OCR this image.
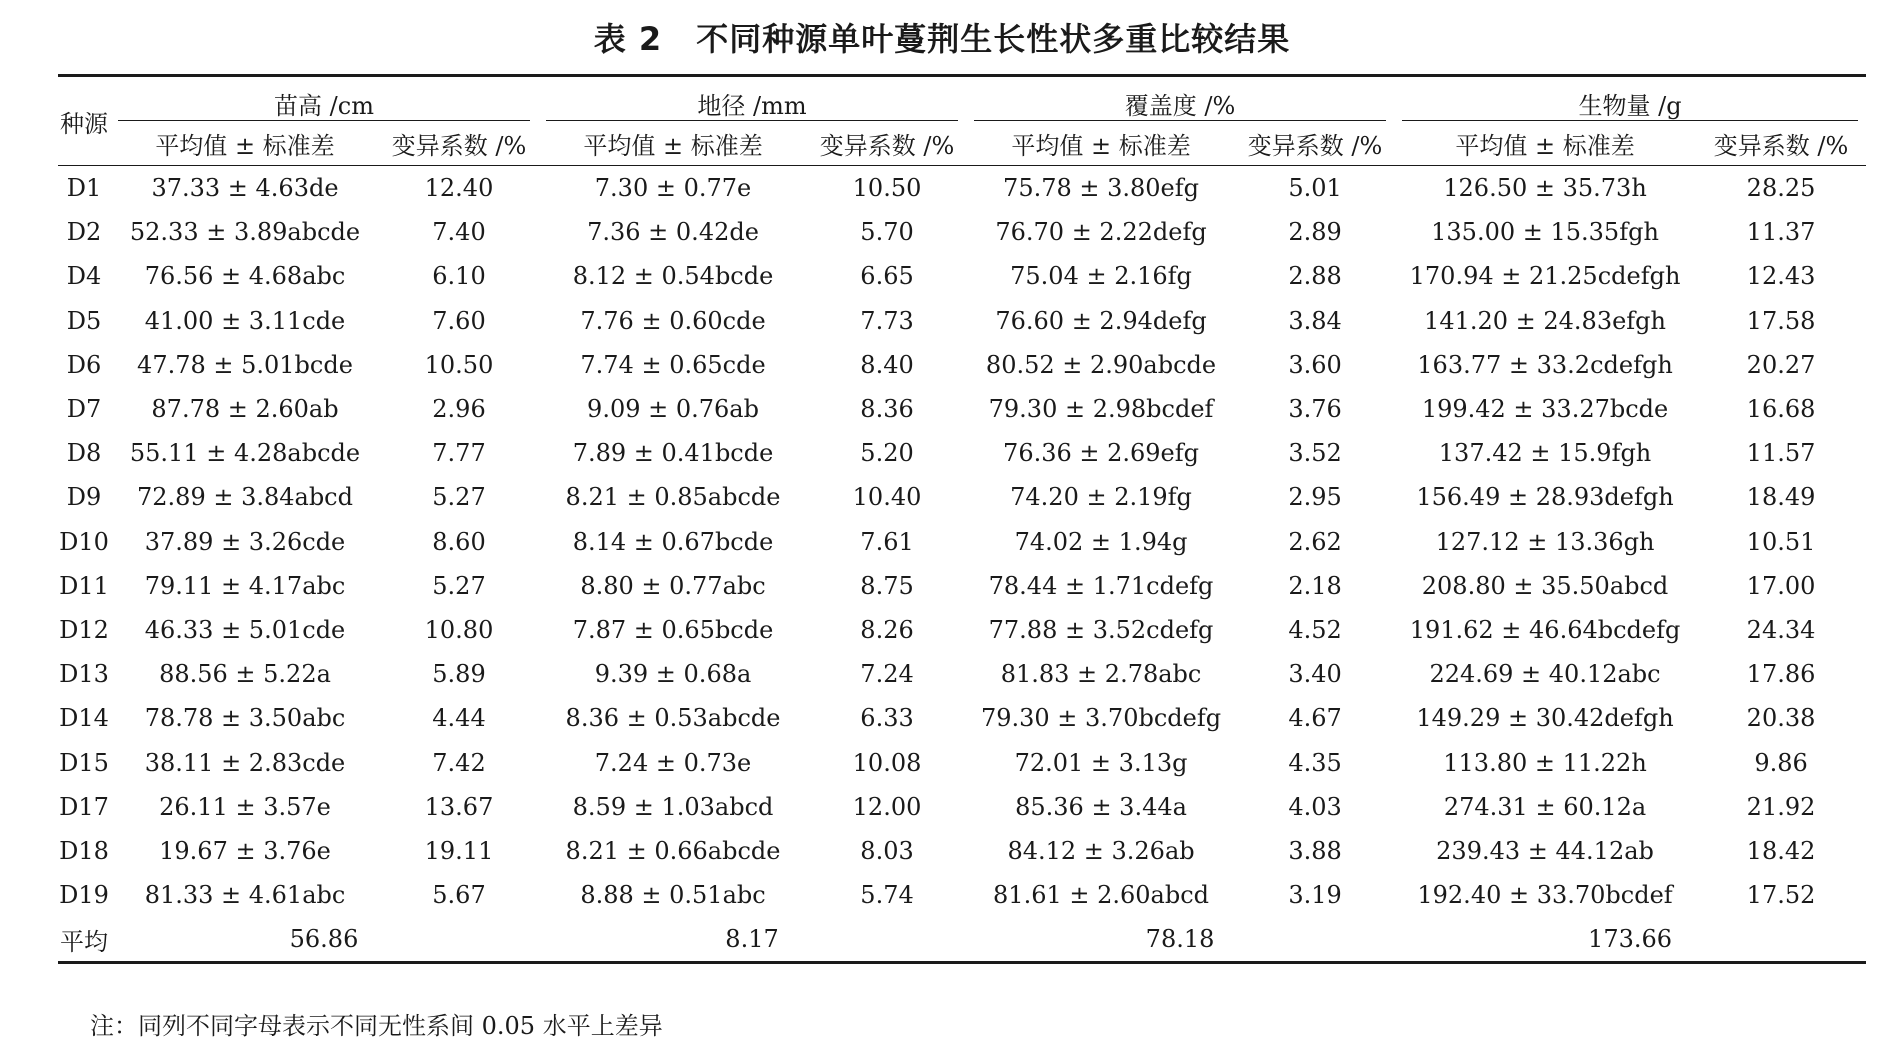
表 2 不同种源单叶蔓荆生长性状多重比较结果
种源	苗高 /cm		地径 /mm		覆盖度 /%		生物量 /g	

	平均值 ± 标准差	变异系数 /%	平均值 ± 标准差	变异系数 /%	平均值 ± 标准差	变异系数 /%	平均值 ± 标准差	变异系数 /%
D1	37.33 ± 4.63de	12.40	7.30 ± 0.77e	10.50	75.78 ± 3.80efg	5.01	126.50 ± 35.73h	28.25
D2	52.33 ± 3.89abcde	7.40	7.36 ± 0.42de	5.70	76.70 ± 2.22defg	2.89	135.00 ± 15.35fgh	11.37
D4	76.56 ± 4.68abc	6.10	8.12 ± 0.54bcde	6.65	75.04 ± 2.16fg	2.88	170.94 ± 21.25cdefgh	12.43
D5	41.00 ± 3.11cde	7.60	7.76 ± 0.60cde	7.73	76.60 ± 2.94defg	3.84	141.20 ± 24.83efgh	17.58
D6	47.78 ± 5.01bcde	10.50	7.74 ± 0.65cde	8.40	80.52 ± 2.90abcde	3.60	163.77 ± 33.2cdefgh	20.27
D7	87.78 ± 2.60ab	2.96	9.09 ± 0.76ab	8.36	79.30 ± 2.98bcdef	3.76	199.42 ± 33.27bcde	16.68
D8	55.11 ± 4.28abcde	7.77	7.89 ± 0.41bcde	5.20	76.36 ± 2.69efg	3.52	137.42 ± 15.9fgh	11.57
D9	72.89 ± 3.84abcd	5.27	8.21 ± 0.85abcde	10.40	74.20 ± 2.19fg	2.95	156.49 ± 28.93defgh	18.49
D10	37.89 ± 3.26cde	8.60	8.14 ± 0.67bcde	7.61	74.02 ± 1.94g	2.62	127.12 ± 13.36gh	10.51
D11	79.11 ± 4.17abc	5.27	8.80 ± 0.77abc	8.75	78.44 ± 1.71cdefg	2.18	208.80 ± 35.50abcd	17.00
D12	46.33 ± 5.01cde	10.80	7.87 ± 0.65bcde	8.26	77.88 ± 3.52cdefg	4.52	191.62 ± 46.64bcdefg	24.34
D13	88.56 ± 5.22a	5.89	9.39 ± 0.68a	7.24	81.83 ± 2.78abc	3.40	224.69 ± 40.12abc	17.86
D14	78.78 ± 3.50abc	4.44	8.36 ± 0.53abcde	6.33	79.30 ± 3.70bcdefg	4.67	149.29 ± 30.42defgh	20.38
D15	38.11 ± 2.83cde	7.42	7.24 ± 0.73e	10.08	72.01 ± 3.13g	4.35	113.80 ± 11.22h	9.86
D17	26.11 ± 3.57e	13.67	8.59 ± 1.03abcd	12.00	85.36 ± 3.44a	4.03	274.31 ± 60.12a	21.92
D18	19.67 ± 3.76e	19.11	8.21 ± 0.66abcde	8.03	84.12 ± 3.26ab	3.88	239.43 ± 44.12ab	18.42
D19	81.33 ± 4.61abc	5.67	8.88 ± 0.51abc	5.74	81.61 ± 2.60abcd	3.19	192.40 ± 33.70bcdef	17.52
平均	56.86		8.17		78.18		173.66	
注：同列不同字母表示不同无性系间 0.05 水平上差异
